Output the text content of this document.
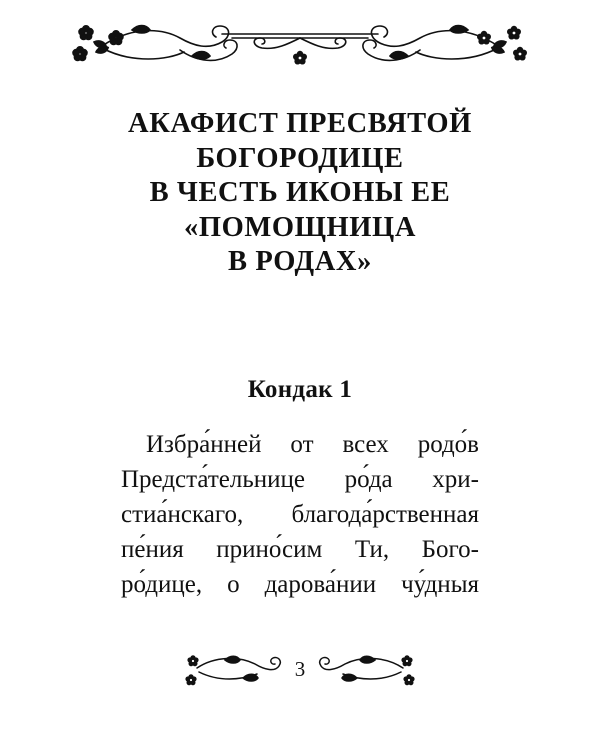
АКАФИСТ ПРЕСВЯТОЙ
БОГОРОДИЦЕ
В ЧЕСТЬ ИКОНЫ ЕЕ
«ПОМОЩНИЦА
В РОДАХ»
Кондак 1
Избра́нней от всех родо́в
Предста́тельнице ро́да хри-
стиа́нскаго, благода́рственная
пе́ния прино́сим Ти, Бого-
ро́дице, о дарова́нии чу́дныя
3
